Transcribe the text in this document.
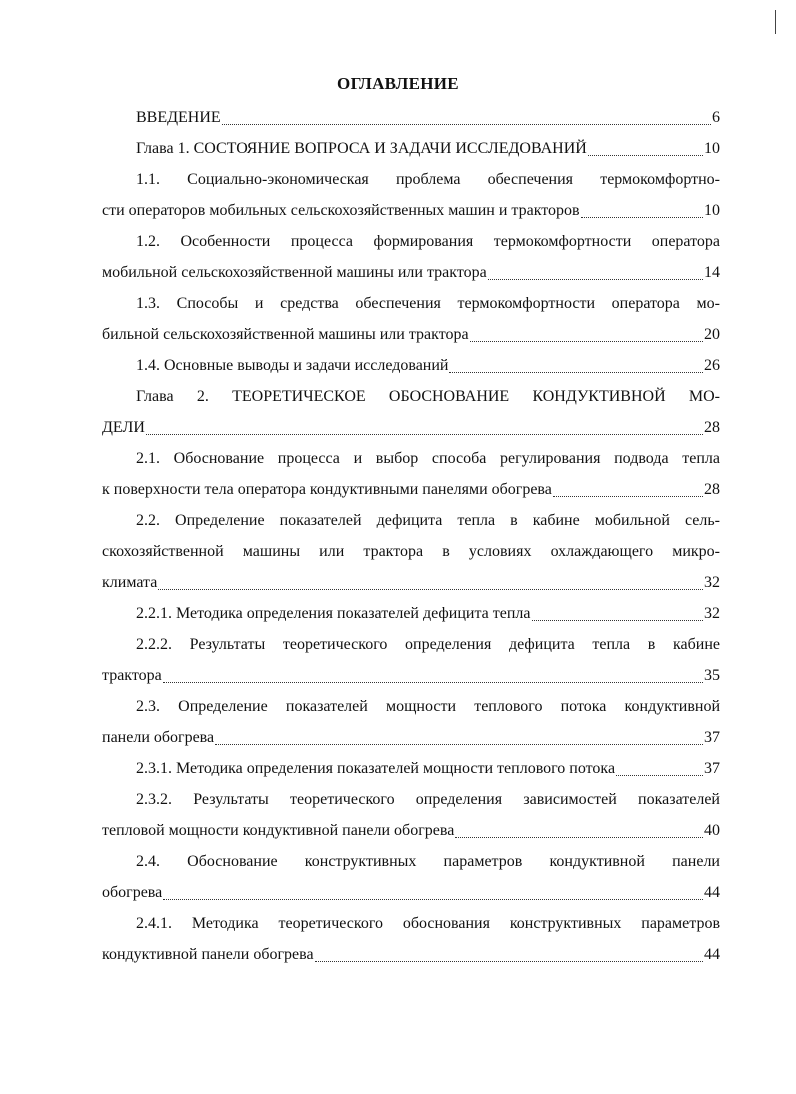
ОГЛАВЛЕНИЕ
ВВЕДЕНИЕ	6
Глава 1. СОСТОЯНИЕ ВОПРОСА И ЗАДАЧИ ИССЛЕДОВАНИЙ	10
1.1. Социально-экономическая проблема обеспечения термокомфортно-
сти операторов мобильных сельскохозяйственных машин и тракторов	10
1.2. Особенности процесса формирования термокомфортности оператора
мобильной сельскохозяйственной машины или трактора	14
1.3. Способы и средства обеспечения термокомфортности оператора мо-
бильной сельскохозяйственной машины или трактора	20
1.4. Основные выводы и задачи исследований	26
Глава 2. ТЕОРЕТИЧЕСКОЕ ОБОСНОВАНИЕ КОНДУКТИВНОЙ МО-
ДЕЛИ	28
2.1. Обоснование процесса и выбор способа регулирования подвода тепла
к поверхности тела оператора кондуктивными панелями обогрева	28
2.2. Определение показателей дефицита тепла в кабине мобильной сель-
скохозяйственной машины или трактора в условиях охлаждающего микро-
климата	32
2.2.1. Методика определения показателей дефицита тепла	32
2.2.2. Результаты теоретического определения дефицита тепла в кабине
трактора	35
2.3. Определение показателей мощности теплового потока кондуктивной
панели обогрева	37
2.3.1. Методика определения показателей мощности теплового потока	37
2.3.2. Результаты теоретического определения зависимостей показателей
тепловой мощности кондуктивной панели обогрева	40
2.4. Обоснование конструктивных параметров кондуктивной панели
обогрева	44
2.4.1. Методика теоретического обоснования конструктивных параметров
кондуктивной панели обогрева	44
